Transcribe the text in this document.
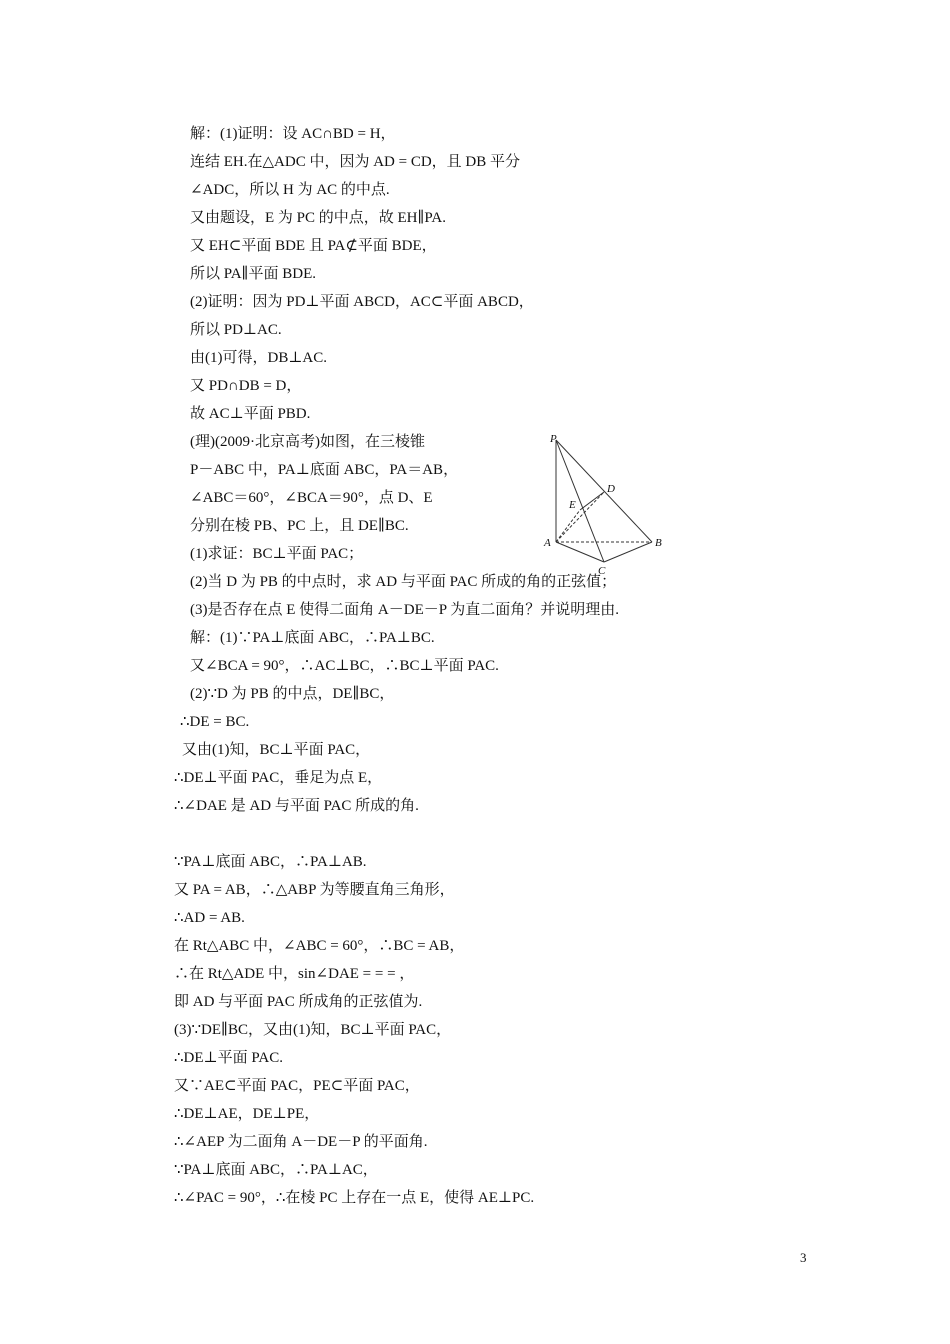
解：(1)证明：设 AC∩BD = H，
连结 EH.在△ADC 中，因为 AD = CD，且 DB 平分
∠ADC，所以 H 为 AC 的中点.
又由题设，E 为 PC 的中点，故 EH∥PA.
又 EH⊂平面 BDE 且 PA⊄平面 BDE，
所以 PA∥平面 BDE.
(2)证明：因为 PD⊥平面 ABCD，AC⊂平面 ABCD，
所以 PD⊥AC.
由(1)可得，DB⊥AC.
又 PD∩DB = D，
故 AC⊥平面 PBD.
(理)(2009·北京高考)如图，在三棱锥
P－ABC 中，PA⊥底面 ABC，PA＝AB，
∠ABC＝60°，∠BCA＝90°，点 D、E
分别在棱 PB、PC 上，且 DE∥BC.
(1)求证：BC⊥平面 PAC；
(2)当 D 为 PB 的中点时，求 AD 与平面 PAC 所成的角的正弦值；
(3)是否存在点 E 使得二面角 A－DE－P 为直二面角？并说明理由.
解：(1)∵PA⊥底面 ABC，∴PA⊥BC.
又∠BCA = 90°，∴AC⊥BC，∴BC⊥平面 PAC.
(2)∵D 为 PB 的中点，DE∥BC，
∴DE = BC.
又由(1)知，BC⊥平面 PAC，
∴DE⊥平面 PAC，垂足为点 E，
∴∠DAE 是 AD 与平面 PAC 所成的角.
∵PA⊥底面 ABC，∴PA⊥AB.
又 PA = AB，∴△ABP 为等腰直角三角形，
∴AD = AB.
在 Rt△ABC 中，∠ABC = 60°，∴BC = AB，
∴在 Rt△ADE 中，sin∠DAE = = = ，
即 AD 与平面 PAC 所成角的正弦值为.
(3)∵DE∥BC，又由(1)知，BC⊥平面 PAC，
∴DE⊥平面 PAC.
又∵AE⊂平面 PAC，PE⊂平面 PAC，
∴DE⊥AE，DE⊥PE，
∴∠AEP 为二面角 A－DE－P 的平面角.
∵PA⊥底面 ABC，∴PA⊥AC，
∴∠PAC = 90°，∴在棱 PC 上存在一点 E，使得 AE⊥PC.
P
A	B
C
D
E
3
